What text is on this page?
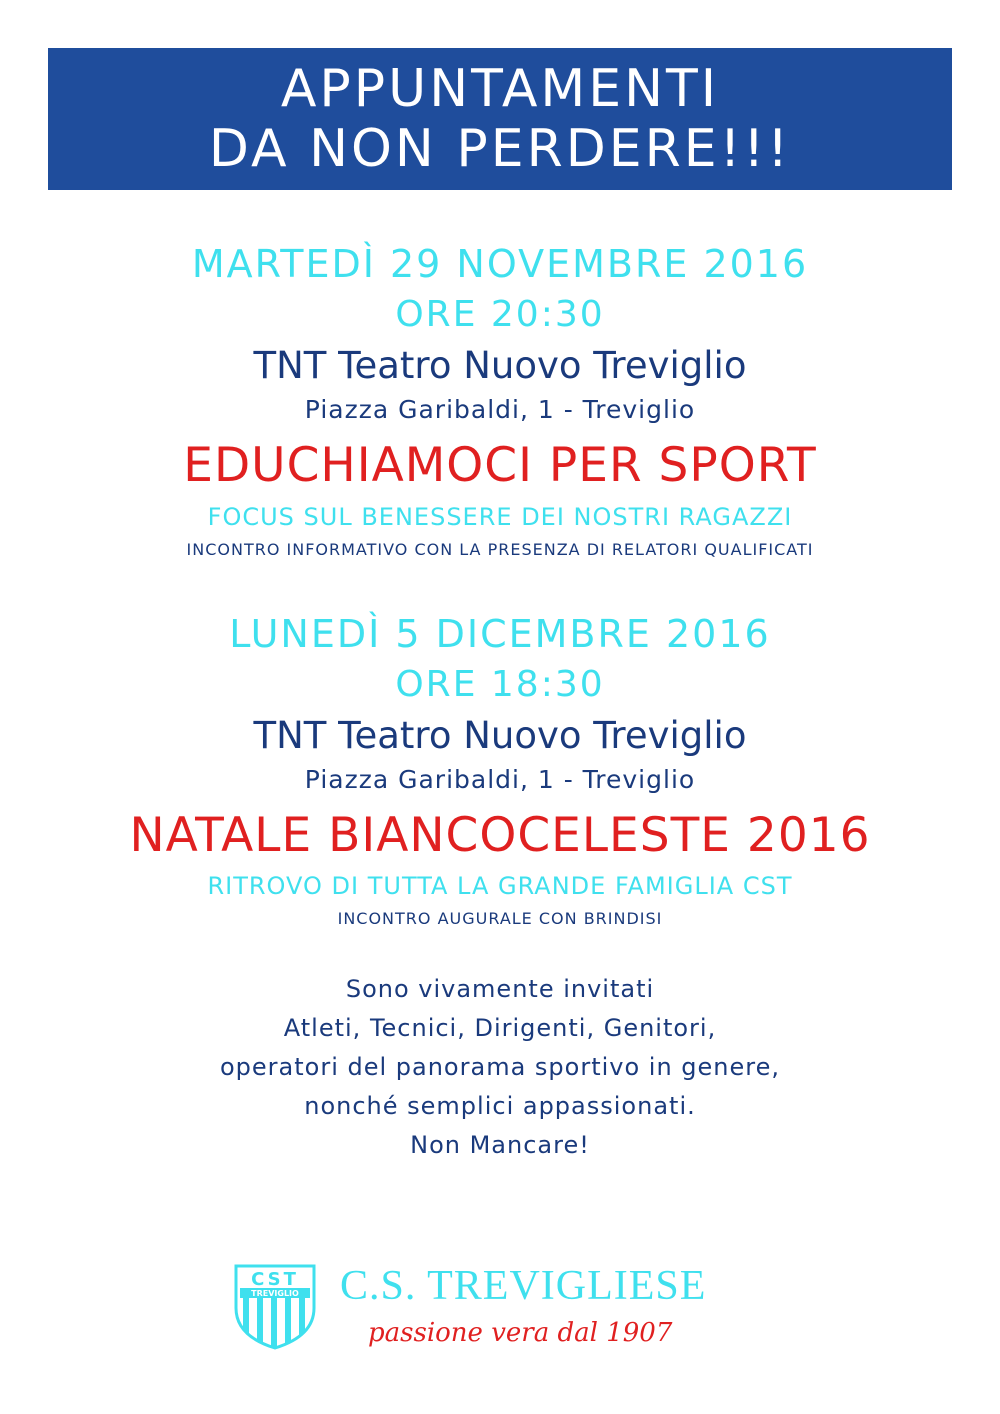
APPUNTAMENTI
DA NON PERDERE!!!
MARTEDÌ 29 NOVEMBRE 2016
ORE 20:30
TNT Teatro Nuovo Treviglio
Piazza Garibaldi, 1 - Treviglio
EDUCHIAMOCI PER SPORT
FOCUS SUL BENESSERE DEI NOSTRI RAGAZZI
INCONTRO INFORMATIVO CON LA PRESENZA DI RELATORI QUALIFICATI
LUNEDÌ 5 DICEMBRE 2016
ORE 18:30
TNT Teatro Nuovo Treviglio
Piazza Garibaldi, 1 - Treviglio
NATALE BIANCOCELESTE 2016
RITROVO DI TUTTA LA GRANDE FAMIGLIA CST
INCONTRO AUGURALE CON BRINDISI
Sono vivamente invitati
Atleti, Tecnici, Dirigenti, Genitori,
operatori del panorama sportivo in genere,
nonché semplici appassionati.
Non Mancare!
CST
TREVIGLIO C.S. TREVIGLIESE
passione vera dal 1907
